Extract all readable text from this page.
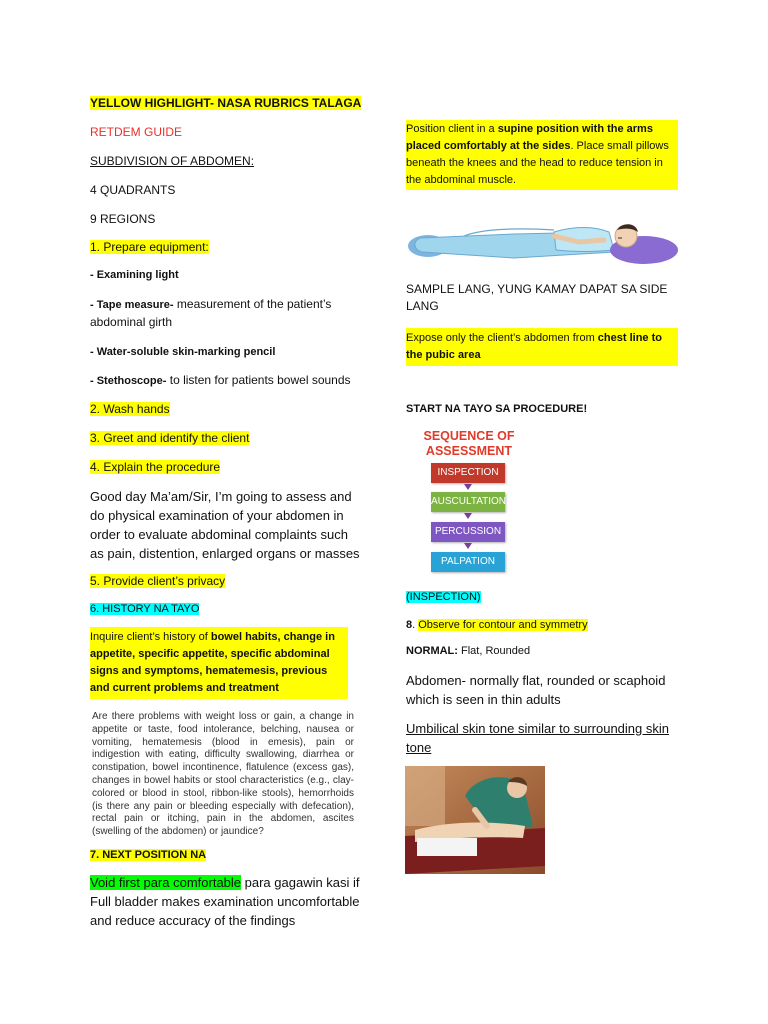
YELLOW HIGHLIGHT- NASA RUBRICS TALAGA
RETDEM GUIDE
SUBDIVISION OF ABDOMEN:
4 QUADRANTS
9 REGIONS
1. Prepare equipment:
- Examining light
- Tape measure- measurement of the patient’s abdominal girth
- Water-soluble skin-marking pencil
- Stethoscope- to listen for patients bowel sounds
2. Wash hands
3. Greet and identify the client
4. Explain the procedure
Good day Ma’am/Sir, I’m going to assess and do physical examination of your abdomen in order to evaluate abdominal complaints such as pain, distention, enlarged organs or masses
5. Provide client’s privacy
6. HISTORY NA TAYO
Inquire client’s history of bowel habits, change in appetite, specific appetite, specific abdominal signs and symptoms, hematemesis, previous and current problems and treatment
Are there problems with weight loss or gain, a change in appetite or taste, food intolerance, belching, nausea or vomiting, hematemesis (blood in emesis), pain or indigestion with eating, difficulty swallowing, diarrhea or constipation, bowel incontinence, flatulence (excess gas), changes in bowel habits or stool characteristics (e.g., clay-colored or blood in stool, ribbon-like stools), hemorrhoids (is there any pain or bleeding especially with defecation), rectal pain or itching, pain in the abdomen, ascites (swelling of the abdomen) or jaundice?
7. NEXT POSITION NA
Void first para comfortable para gagawin kasi if Full bladder makes examination uncomfortable and reduce accuracy of the findings
Position client in a supine position with the arms placed comfortably at the sides. Place small pillows beneath the knees and the head to reduce tension in the abdominal muscle.
SAMPLE LANG, YUNG KAMAY DAPAT SA SIDE LANG
Expose only the client’s abdomen from chest line to the pubic area
START NA TAYO SA PROCEDURE!
SEQUENCE OF
ASSESSMENT
INSPECTION
AUSCULTATION
PERCUSSION
PALPATION
(INSPECTION)
8. Observe for contour and symmetry
NORMAL: Flat, Rounded
Abdomen- normally flat, rounded or scaphoid which is seen in thin adults
Umbilical skin tone similar to surrounding skin tone
